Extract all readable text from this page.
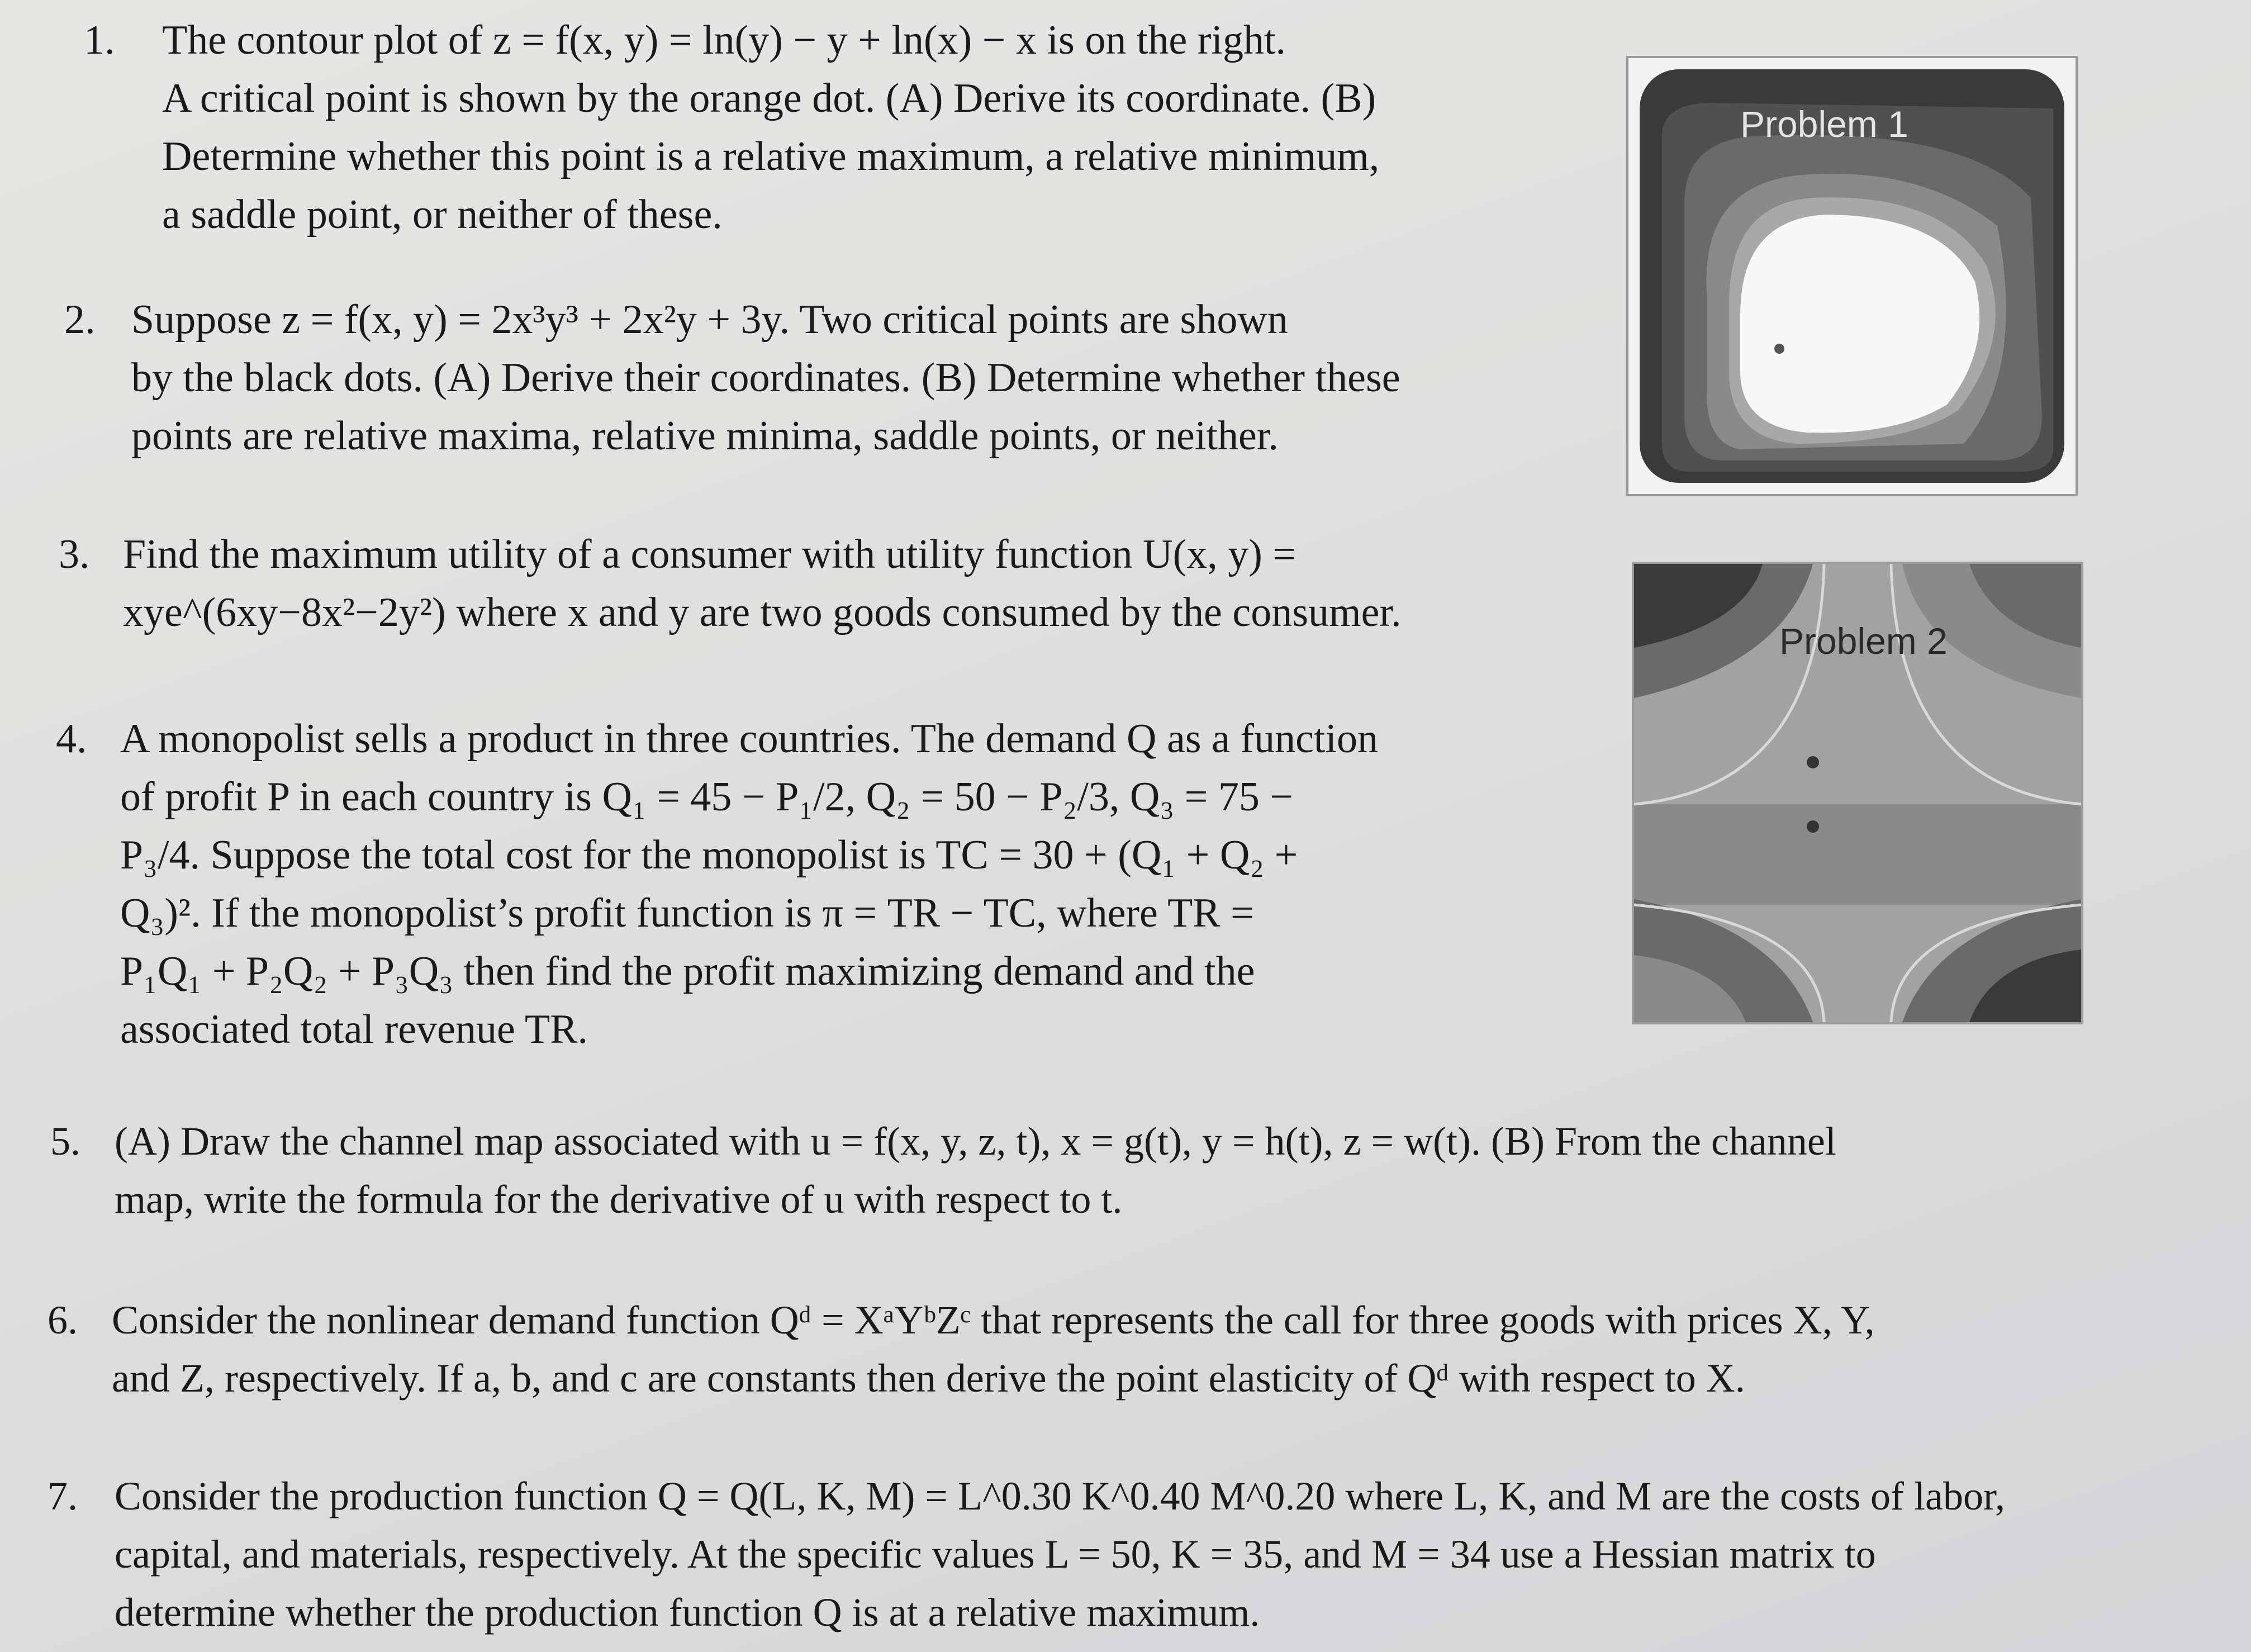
1. The contour plot of z = f(x, y) = ln(y) − y + ln(x) − x is on the right.
A critical point is shown by the orange dot. (A) Derive its coordinate. (B)
Determine whether this point is a relative maximum, a relative minimum,
a saddle point, or neither of these.
2. Suppose z = f(x, y) = 2x³y³ + 2x²y + 3y. Two critical points are shown
by the black dots. (A) Derive their coordinates. (B) Determine whether these
points are relative maxima, relative minima, saddle points, or neither.
3. Find the maximum utility of a consumer with utility function U(x, y) =
xye^(6xy−8x²−2y²) where x and y are two goods consumed by the consumer.
4. A monopolist sells a product in three countries. The demand Q as a function
of profit P in each country is Q₁ = 45 − P₁/2, Q₂ = 50 − P₂/3, Q₃ = 75 −
P₃/4. Suppose the total cost for the monopolist is TC = 30 + (Q₁ + Q₂ +
Q₃)². If the monopolist’s profit function is π = TR − TC, where TR =
P₁Q₁ + P₂Q₂ + P₃Q₃ then find the profit maximizing demand and the
associated total revenue TR.
5. (A) Draw the channel map associated with u = f(x, y, z, t), x = g(t), y = h(t), z = w(t). (B) From the channel
map, write the formula for the derivative of u with respect to t.
6. Consider the nonlinear demand function Qᵈ = XᵃYᵇZᶜ that represents the call for three goods with prices X, Y,
and Z, respectively. If a, b, and c are constants then derive the point elasticity of Qᵈ with respect to X.
7. Consider the production function Q = Q(L, K, M) = L^0.30 K^0.40 M^0.20 where L, K, and M are the costs of labor,
capital, and materials, respectively. At the specific values L = 50, K = 35, and M = 34 use a Hessian matrix to
determine whether the production function Q is at a relative maximum.
Problem 1
Problem 2
